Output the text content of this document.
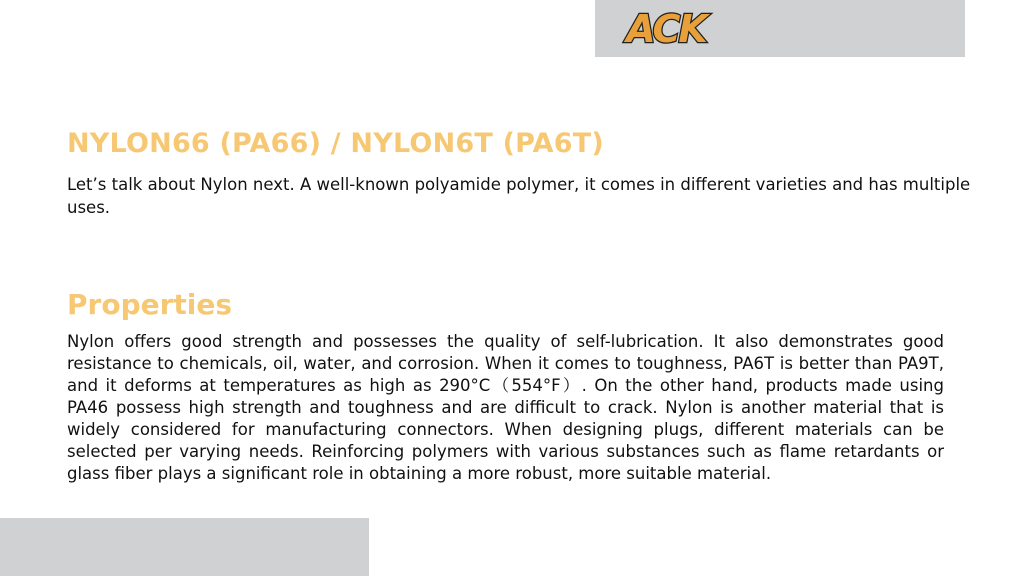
ACK
NYLON66 (PA66) / NYLON6T (PA6T)

Let’s talk about Nylon next. A well-known polyamide polymer, it comes in different varieties and has multiple uses.

Properties

Nylon offers good strength and possesses the quality of self-lubrication. It also demonstrates good resistance to chemicals, oil, water, and corrosion. When it comes to toughness, PA6T is better than PA9T, and it deforms at temperatures as high as 290°C（554°F）. On the other hand, products made using PA46 possess high strength and toughness and are difficult to crack. Nylon is another material that is widely considered for manufacturing connectors. When designing plugs, different materials can be selected per varying needs. Reinforcing polymers with various substances such as flame retardants or glass fiber plays a significant role in obtaining a more robust, more suitable material.
